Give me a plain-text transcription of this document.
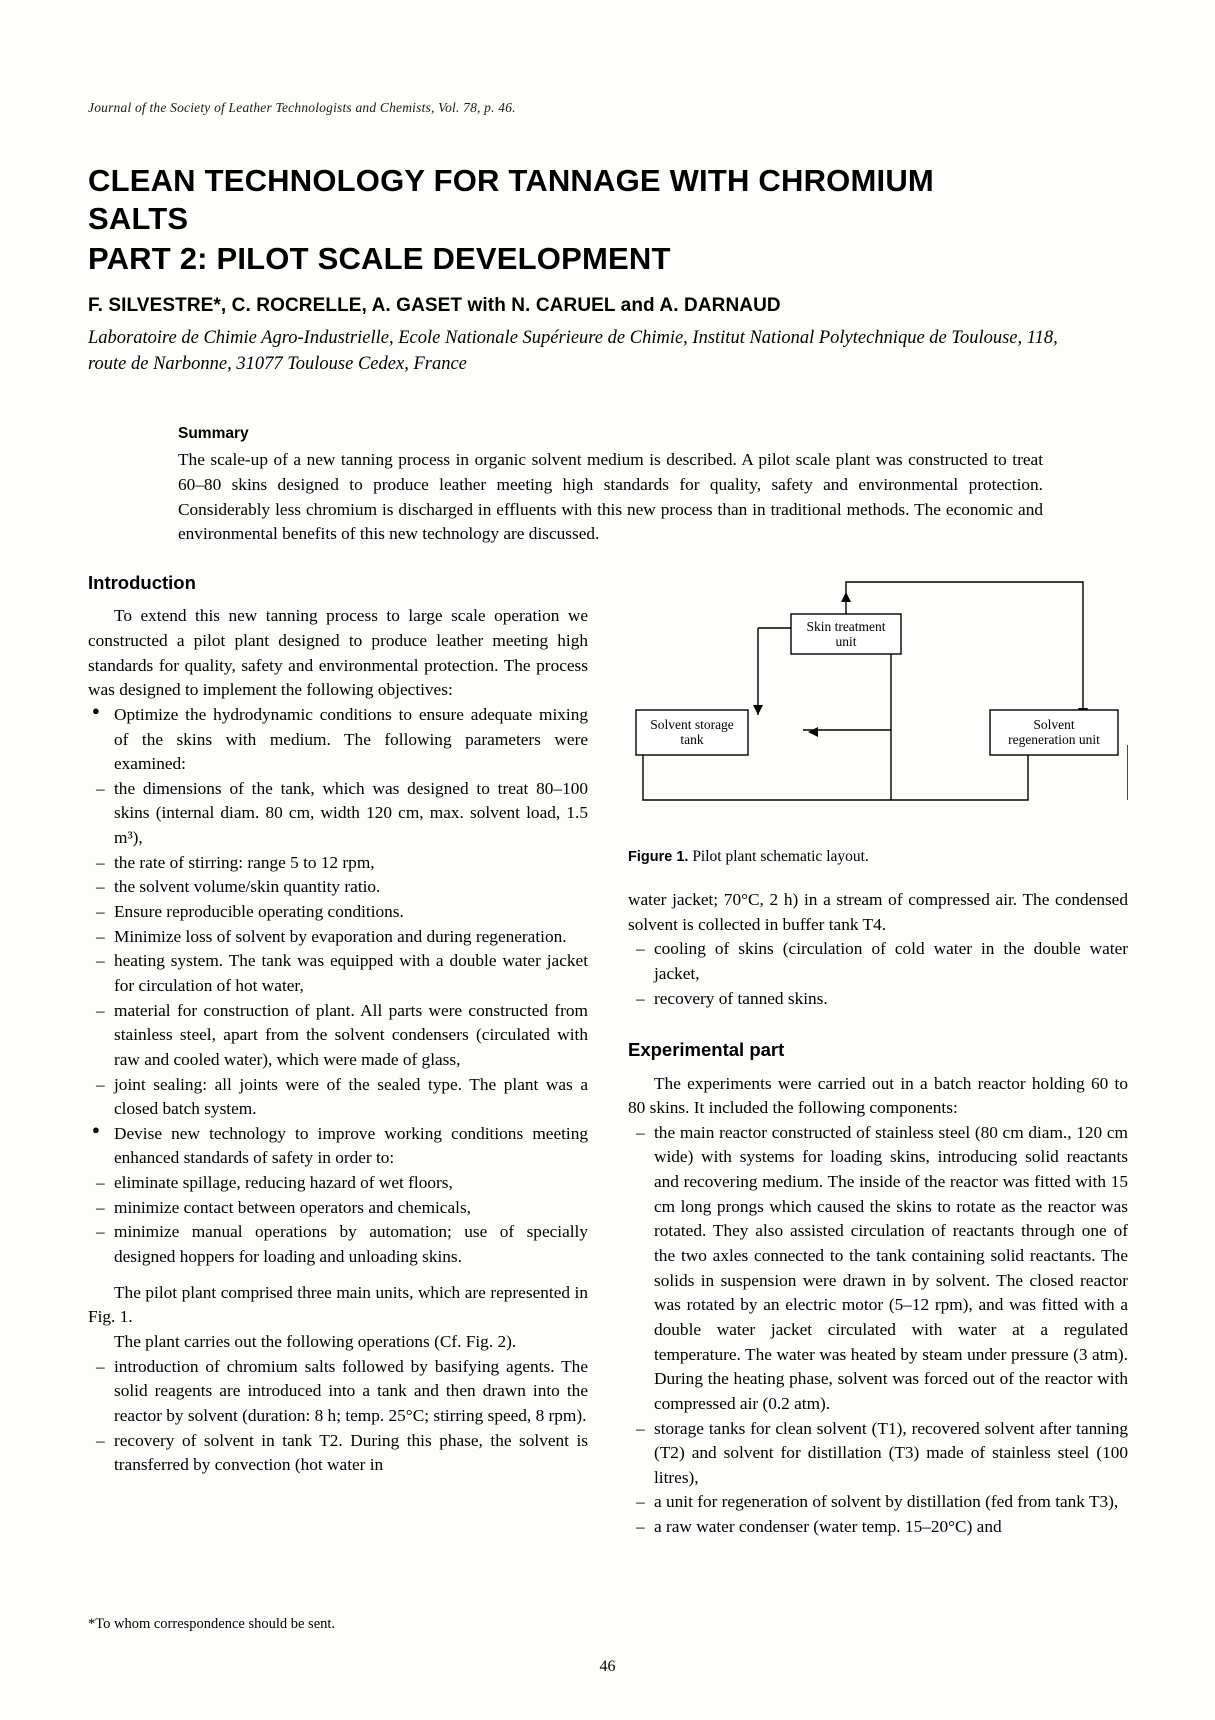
Journal of the Society of Leather Technologists and Chemists, Vol. 78, p. 46.
CLEAN TECHNOLOGY FOR TANNAGE WITH CHROMIUM
SALTS
PART 2: PILOT SCALE DEVELOPMENT
F. SILVESTRE*, C. ROCRELLE, A. GASET with N. CARUEL and A. DARNAUD
Laboratoire de Chimie Agro-Industrielle, Ecole Nationale Supérieure de Chimie, Institut National Polytechnique de Toulouse, 118, route de Narbonne, 31077 Toulouse Cedex, France
Summary
The scale-up of a new tanning process in organic solvent medium is described. A pilot scale plant was constructed to treat 60–80 skins designed to produce leather meeting high standards for quality, safety and environmental protection. Considerably less chromium is discharged in effluents with this new process than in traditional methods. The economic and environmental benefits of this new technology are discussed.
Introduction

To extend this new tanning process to large scale operation we constructed a pilot plant designed to produce leather meeting high standards for quality, safety and environmental protection. The process was designed to implement the following objectives:

● Optimize the hydrodynamic conditions to ensure adequate mixing of the skins with medium. The following parameters were examined:
– the dimensions of the tank, which was designed to treat 80–100 skins (internal diam. 80 cm, width 120 cm, max. solvent load, 1.5 m³),
– the rate of stirring: range 5 to 12 rpm,
– the solvent volume/skin quantity ratio.
– Ensure reproducible operating conditions.
– Minimize loss of solvent by evaporation and during regeneration.
– heating system. The tank was equipped with a double water jacket for circulation of hot water,
– material for construction of plant. All parts were constructed from stainless steel, apart from the solvent condensers (circulated with raw and cooled water), which were made of glass,
– joint sealing: all joints were of the sealed type. The plant was a closed batch system.
● Devise new technology to improve working conditions meeting enhanced standards of safety in order to:
– eliminate spillage, reducing hazard of wet floors,
– minimize contact between operators and chemicals,
– minimize manual operations by automation; use of specially designed hoppers for loading and unloading skins.

The pilot plant comprised three main units, which are represented in Fig. 1.

The plant carries out the following operations (Cf. Fig. 2).

– introduction of chromium salts followed by basifying agents. The solid reagents are introduced into a tank and then drawn into the reactor by solvent (duration: 8 h; temp. 25°C; stirring speed, 8 rpm).
– recovery of solvent in tank T2. During this phase, the solvent is transferred by convection (hot water in
Skin treatment
unit
Solvent storage
tank
Solvent
regeneration unit
Figure 1. Pilot plant schematic layout.

water jacket; 70°C, 2 h) in a stream of compressed air. The condensed solvent is collected in buffer tank T4.

– cooling of skins (circulation of cold water in the double water jacket,
– recovery of tanned skins.
Experimental part

The experiments were carried out in a batch reactor holding 60 to 80 skins. It included the following components:

– the main reactor constructed of stainless steel (80 cm diam., 120 cm wide) with systems for loading skins, introducing solid reactants and recovering medium. The inside of the reactor was fitted with 15 cm long prongs which caused the skins to rotate as the reactor was rotated. They also assisted circulation of reactants through one of the two axles connected to the tank containing solid reactants. The solids in suspension were drawn in by solvent. The closed reactor was rotated by an electric motor (5–12 rpm), and was fitted with a double water jacket circulated with water at a regulated temperature. The water was heated by steam under pressure (3 atm). During the heating phase, solvent was forced out of the reactor with compressed air (0.2 atm).
– storage tanks for clean solvent (T1), recovered solvent after tanning (T2) and solvent for distillation (T3) made of stainless steel (100 litres),
– a unit for regeneration of solvent by distillation (fed from tank T3),
– a raw water condenser (water temp. 15–20°C) and
*To whom correspondence should be sent.
46
